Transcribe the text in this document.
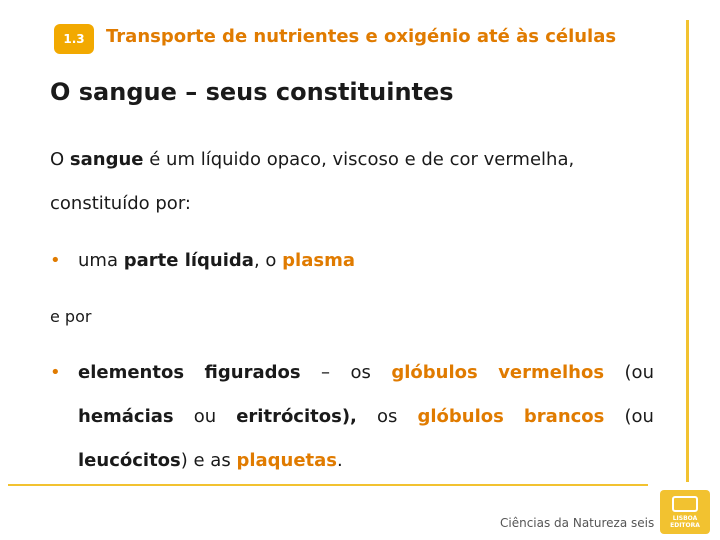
1.3 Transporte de nutrientes e oxigénio até às células
O sangue – seus constituintes
O sangue é um líquido opaco, viscoso e de cor vermelha,
constituído por:
• uma
parte líquida , o
plasma
e por
• elementos figurados – os glóbulos vermelhos (ou
hemácias ou eritrócitos), os glóbulos brancos (ou
leucócitos ) e as plaquetas .
Ciências da Natureza seis	LISBOA
EDITORA
